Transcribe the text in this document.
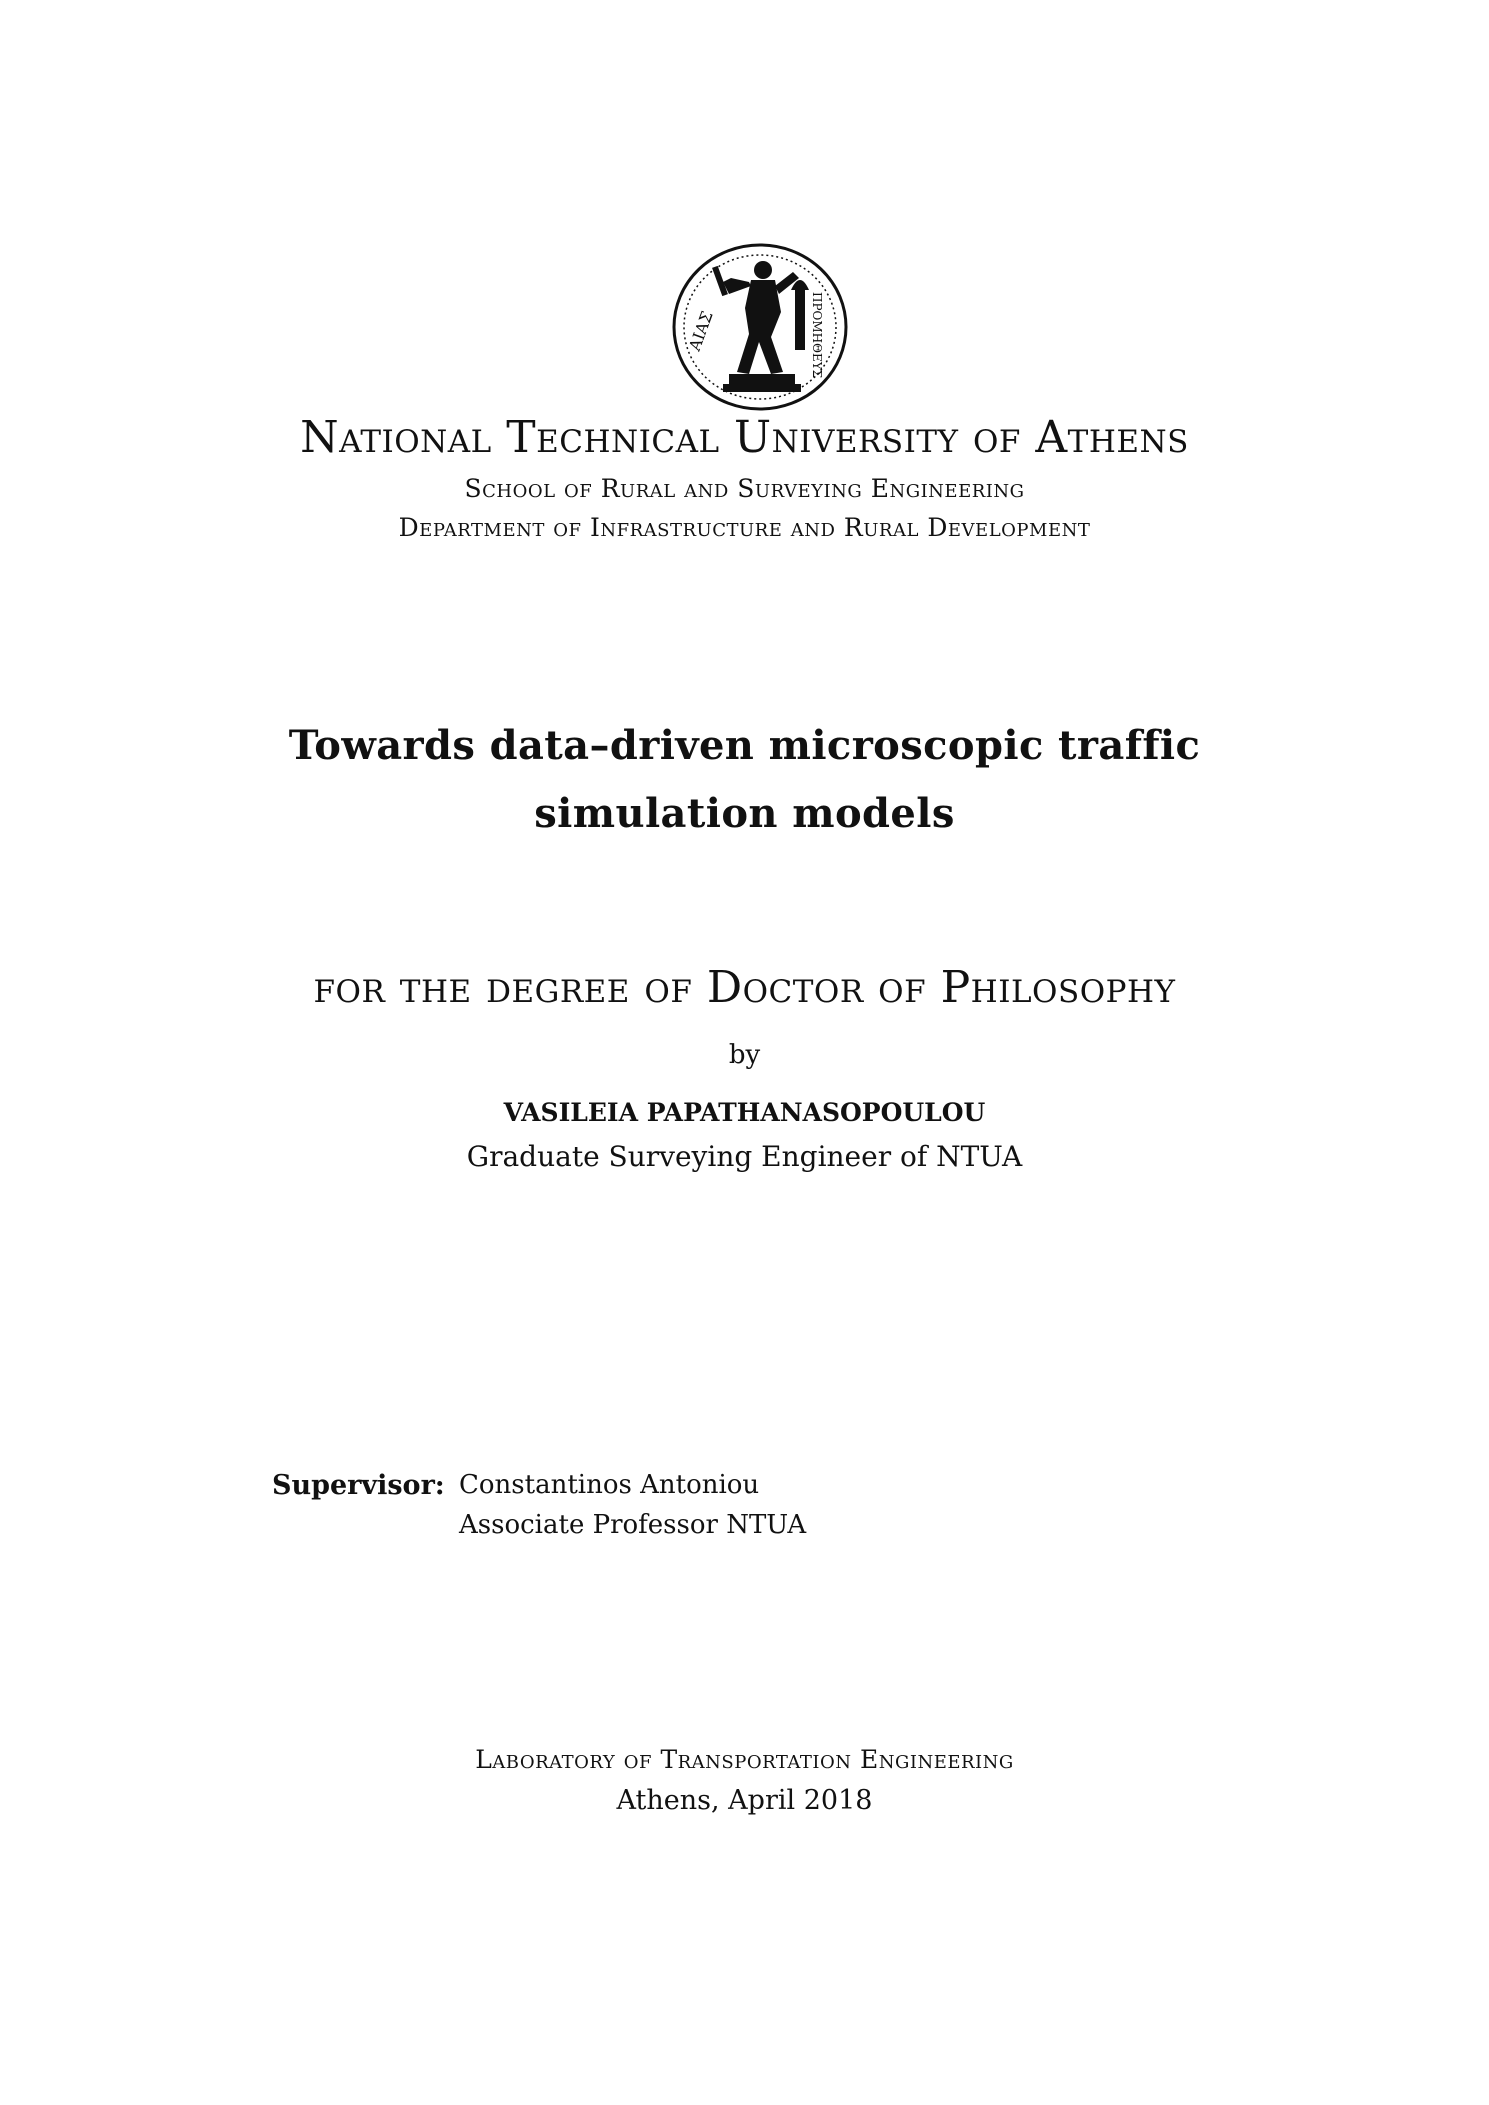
ΑΙΑΣ	ΠΡΟΜΗΘΕΥΣ
National Technical University of Athens
School of Rural and Surveying Engineering
Department of Infrastructure and Rural Development
Towards data–driven microscopic traffic
simulation models
for the degree of Doctor of Philosophy
by
VASILEIA PAPATHANASOPOULOU
Graduate Surveying Engineer of NTUA
Supervisor: Constantinos Antoniou
Associate Professor NTUA
Laboratory of Transportation Engineering
Athens, April 2018
